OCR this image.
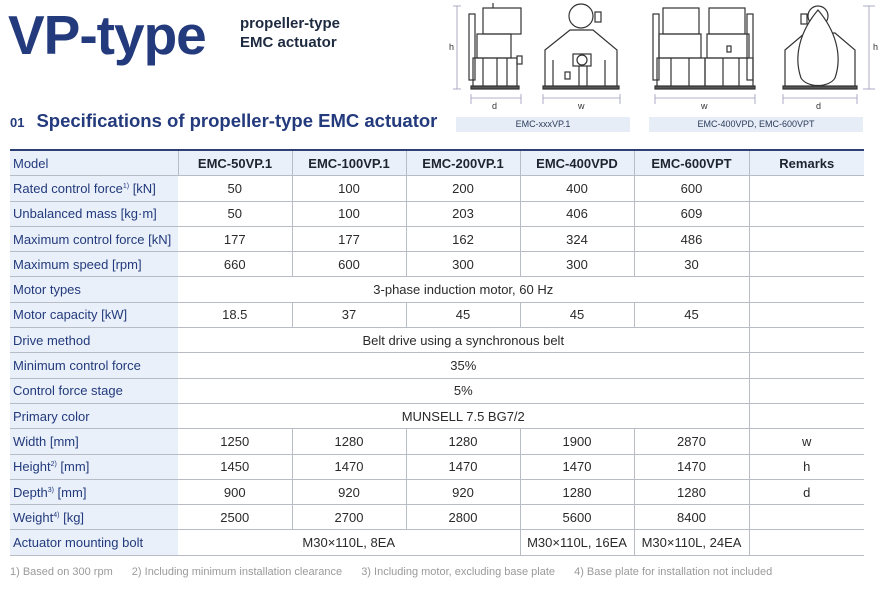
VP-type propeller-type
EMC actuator
01 Specifications of propeller-type EMC actuator
h
d	w	w	d
h
EMC-xxxVP.1	EMC-400VPD, EMC-600VPT
Model	EMC-50VP.1	EMC-100VP.1	EMC-200VP.1	EMC-400VPD	EMC-600VPT	Remarks
Rated control force$^{1)}$ [kN]	50	100	200	400	600	
Unbalanced mass [kg·m]	50	100	203	406	609	
Maximum control force [kN]	177	177	162	324	486	
Maximum speed [rpm]	660	600	300	300	30	
Motor types	3-phase induction motor, 60 Hz					
Motor capacity [kW]	18.5	37	45	45	45	
Drive method	Belt drive using a synchronous belt					
Minimum control force	35%					
Control force stage	5%					
Primary color	MUNSELL 7.5 BG7/2					
Width [mm]	1250	1280	1280	1900	2870	w
Height$^{2)}$ [mm]	1450	1470	1470	1470	1470	h
Depth$^{3)}$ [mm]	900	920	920	1280	1280	d
Weight$^{4)}$ [kg]	2500	2700	2800	5600	8400	
Actuator mounting bolt	M30×110L, 8EA			M30×110L, 16EA	M30×110L, 24EA	
1) Based on 300 rpm 2) Including minimum installation clearance 3) Including motor, excluding base plate 4) Base plate for installation not included
